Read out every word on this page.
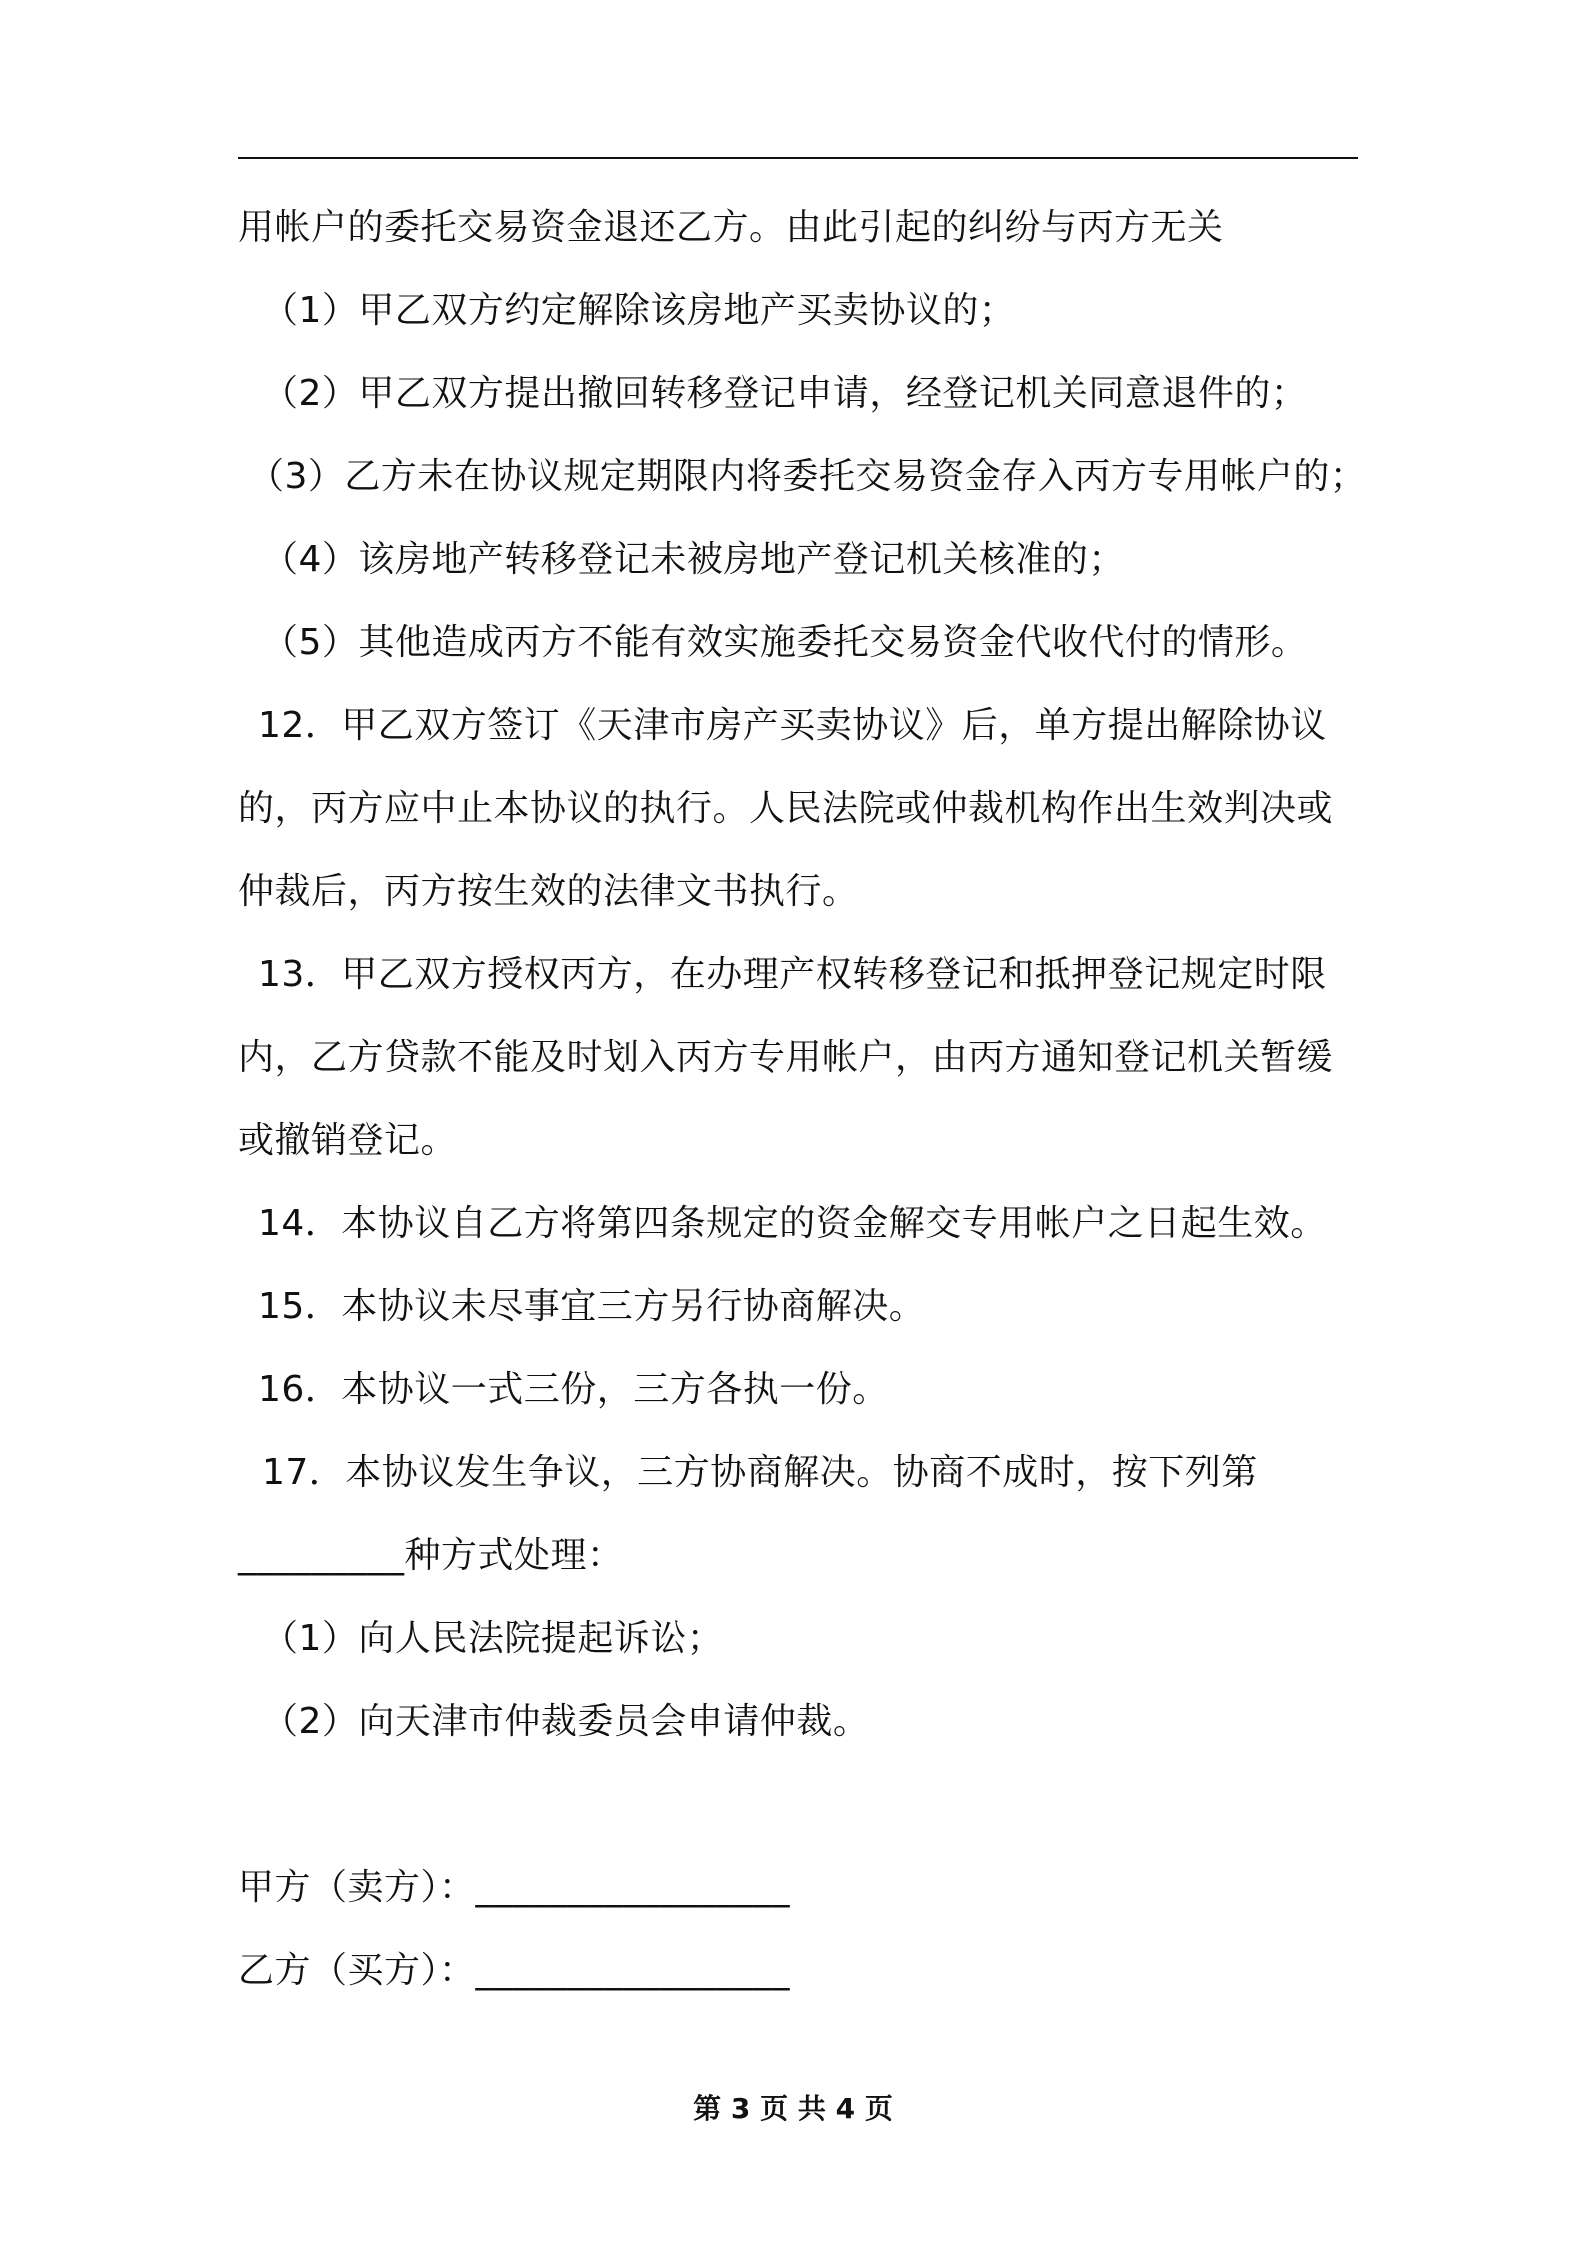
用帐户的委托交易资金退还乙方。由此引起的纠纷与丙方无关
（1）甲乙双方约定解除该房地产买卖协议的；
（2）甲乙双方提出撤回转移登记申请，经登记机关同意退件的；
（3）乙方未在协议规定期限内将委托交易资金存入丙方专用帐户的；
（4）该房地产转移登记未被房地产登记机关核准的；
（5）其他造成丙方不能有效实施委托交易资金代收代付的情形。
12．甲乙双方签订《天津市房产买卖协议》后，单方提出解除协议
的，丙方应中止本协议的执行。人民法院或仲裁机构作出生效判决或
仲裁后，丙方按生效的法律文书执行。
13．甲乙双方授权丙方，在办理产权转移登记和抵押登记规定时限
内，乙方贷款不能及时划入丙方专用帐户，由丙方通知登记机关暂缓
或撤销登记。
14．本协议自乙方将第四条规定的资金解交专用帐户之日起生效。
15．本协议未尽事宜三方另行协商解决。
16．本协议一式三份，三方各执一份。
17．本协议发生争议，三方协商解决。协商不成时，按下列第
_________种方式处理：
（1）向人民法院提起诉讼；
（2）向天津市仲裁委员会申请仲裁。
甲方（卖方）：_________________
乙方（买方）：_________________
第 3 页 共 4 页
